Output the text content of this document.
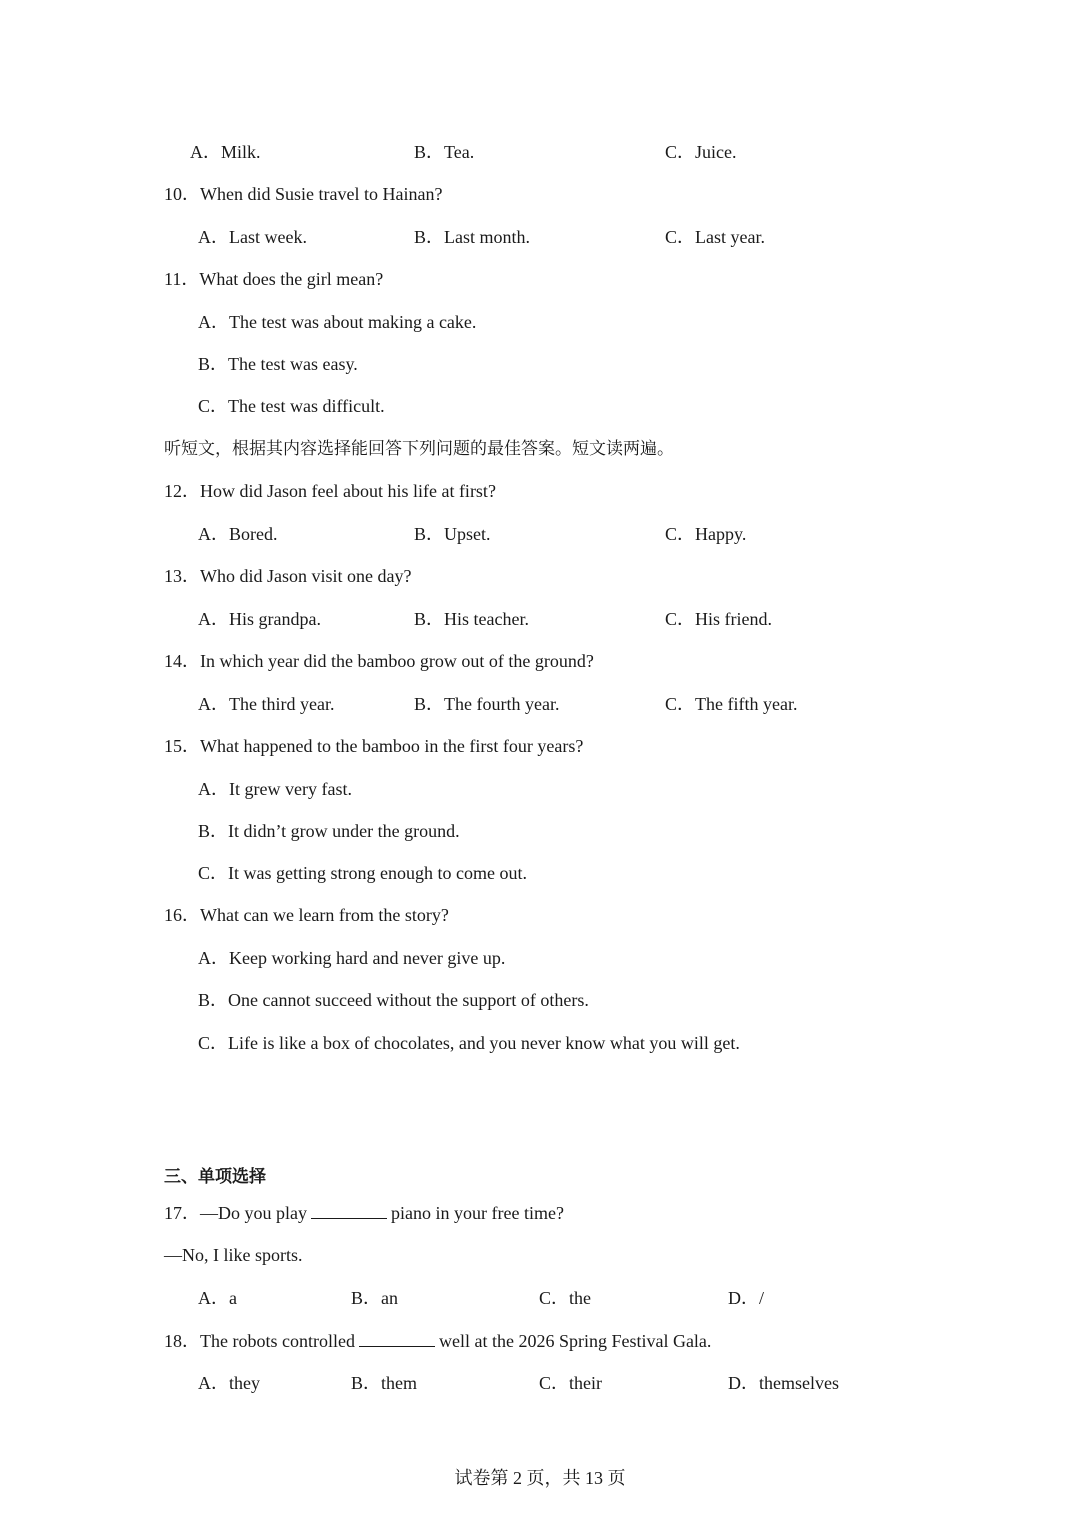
A．Milk.	B．Tea.	C．Juice.
10．When did Susie travel to Hainan?
A．Last week.	B．Last month.	C．Last year.
11．What does the girl mean?
A．The test was about making a cake.
B．The test was easy.
C．The test was difficult.
听短文，根据其内容选择能回答下列问题的最佳答案。短文读两遍。
12．How did Jason feel about his life at first?
A．Bored.	B．Upset.	C．Happy.
13．Who did Jason visit one day?
A．His grandpa.	B．His teacher.	C．His friend.
14．In which year did the bamboo grow out of the ground?
A．The third year.	B．The fourth year.	C．The fifth year.
15．What happened to the bamboo in the first four years?
A．It grew very fast.
B．It didn’t grow under the ground.
C．It was getting strong enough to come out.
16．What can we learn from the story?
A．Keep working hard and never give up.
B．One cannot succeed without the support of others.
C．Life is like a box of chocolates, and you never know what you will get.
三、单项选择
17．—Do you play	piano in your free time?
—No, I like sports.
A．a	B．an	C．the	D．/
18．The robots controlled	well at the 2026 Spring Festival Gala.
A．they	B．them	C．their	D．themselves
试卷第 2 页，共 13 页
